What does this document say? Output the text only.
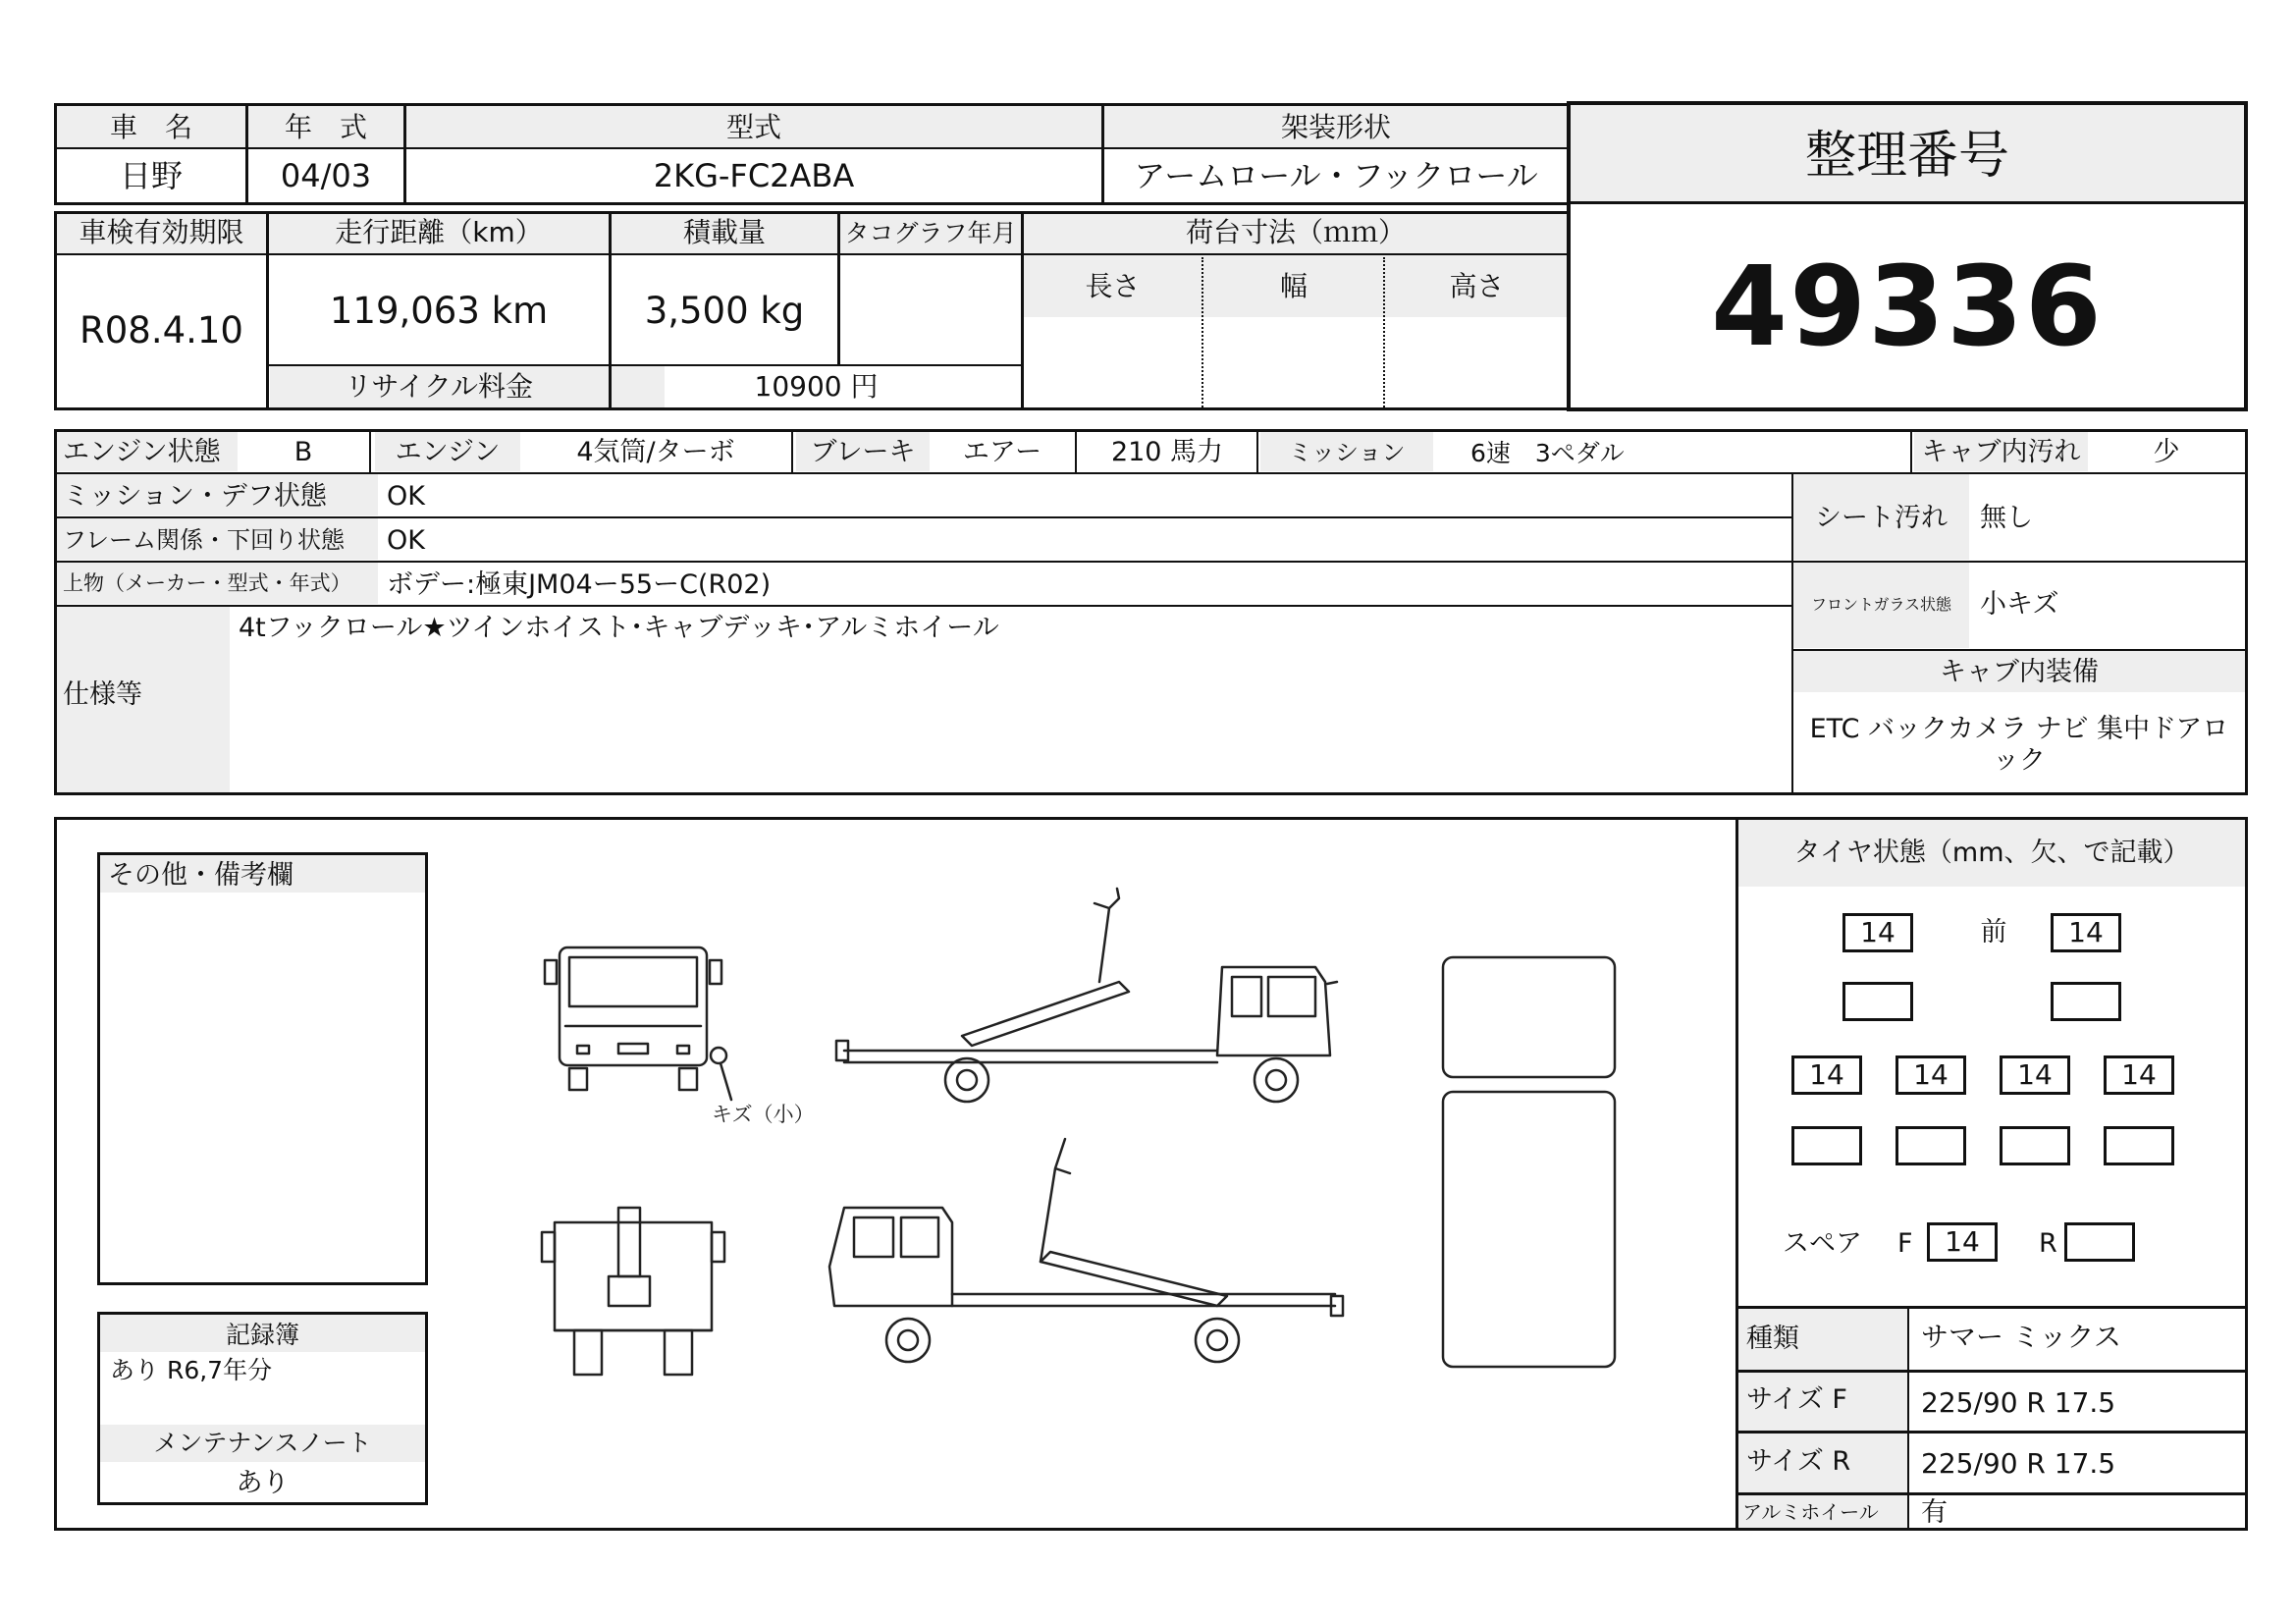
車　名	年　式	型式	架装形状
日野	04/03	2KG-FC2ABA	アームロール・フックロール
車検有効期限	走行距離（km）	積載量	タコグラフ年月	荷台寸法（ｍｍ）
R08.4.10	119,063 km	3,500 kg
長さ	幅	高さ
リサイクル料金	10900 円
整理番号
49336
エンジン状態	B	エンジン	4気筒/ターボ	ブレーキ	エアー	210 馬力	ミッション	6速　3ペダル	キャブ内汚れ	少
ミッション・デフ状態 OK
フレーム関係・下回り状態 OK
上物（メーカー・型式・年式） ボデー:極東JM04ー55ーC(R02)
仕様等
4tフックロール★ツインホイスト･キャブデッキ･アルミホイール
シート汚れ	無し
フロントガラス状態	小キズ
キャブ内装備
ETC バックカメラ ナビ 集中ドアロック
その他・備考欄
記録簿
あり R6,7年分
メンテナンスノート
あり
キズ（小）
タイヤ状態（mm、欠、で記載）
14	前	14
14	14	14	14
スペア F	14	R
種類	サマー ミックス
サイズ F	225/90 R 17.5
サイズ R	225/90 R 17.5
アルミホイール 有
